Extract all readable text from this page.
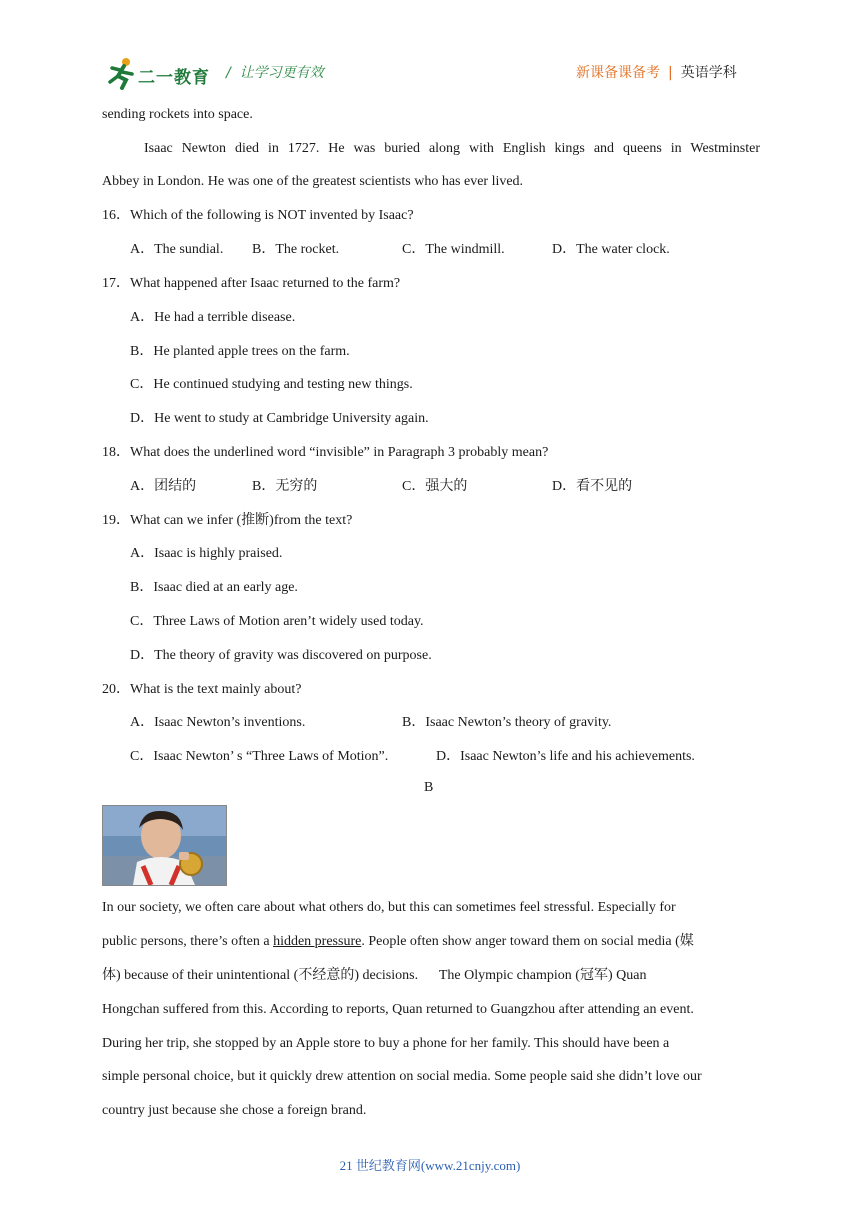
二一教育 / 让学习更有效	新课备课备考 | 英语学科
sending rockets into space.
Isaac  Newton  died  in  1727.  He  was  buried  along  with  English  kings  and  queens  in  Westminster
Abbey in London. He was one of the greatest scientists who has ever lived.
16．Which of the following is NOT invented by Isaac?
A．The sundial. B．The rocket.	C．The windmill.	D．The water clock.
17．What happened after Isaac returned to the farm?
A．He had a terrible disease.
B．He planted apple trees on the farm.
C．He continued studying and testing new things.
D．He went to study at Cambridge University again.
18．What does the underlined word “invisible” in Paragraph 3 probably mean?
A．团结的	B．无穷的	C．强大的	D．看不见的
19．What can we infer (推断)from the text?
A．Isaac is highly praised.
B．Isaac died at an early age.
C．Three Laws of Motion aren’t widely used today.
D．The theory of gravity was discovered on purpose.
20．What is the text mainly about?
A．Isaac Newton’s inventions.	B．Isaac Newton’s theory of gravity.
C．Isaac Newton’ s “Three Laws of Motion”.	D．Isaac Newton’s life and his achievements.
B
In our society, we often care about what others do, but this can sometimes feel stressful. Especially for
public persons, there’s often a hidden pressure. People often show anger toward them on social media (媒
体) because of their unintentional (不经意的) decisions.      The Olympic champion (冠军) Quan
Hongchan suffered from this. According to reports, Quan returned to Guangzhou after attending an event.
During her trip, she stopped by an Apple store to buy a phone for her family. This should have been a
simple personal choice, but it quickly drew attention on social media. Some people said she didn’t love our
country just because she chose a foreign brand.
21 世纪教育网(www.21cnjy.com)
